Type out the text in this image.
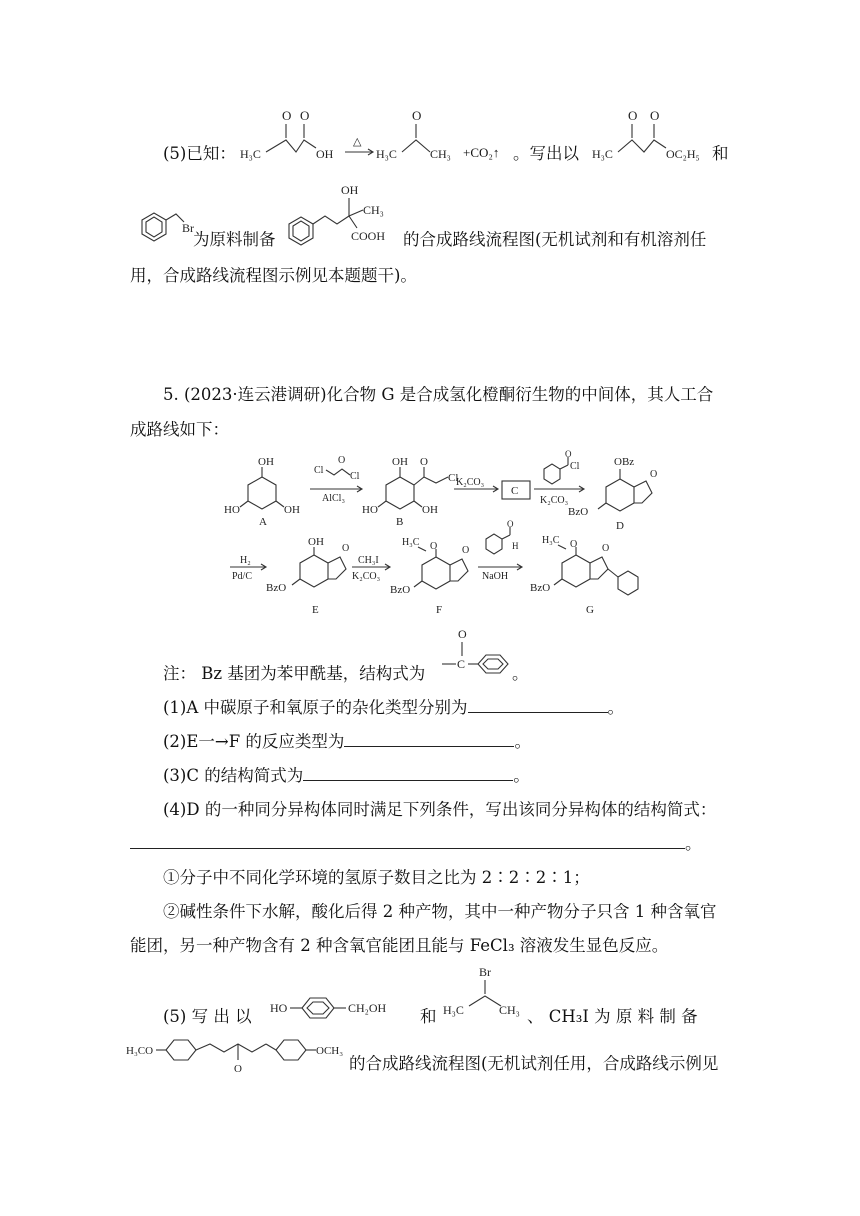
(5)已知：
O O
H₃C	OH
△
O
H₃C	CH₃ +CO₂↑ 。写出以
O O
H₃C	OC₂H₅ 和
Br
为原料制备
OH
CH₃
COOH 的合成路线流程图(无机试剂和有机溶剂任
用，合成路线流程图示例见本题题干)。
5. (2023·连云港调研)化合物 G 是合成氢化橙酮衍生物的中间体，其人工合
成路线如下：
OH
HO	OH
A
Cl
O
Cl
AlCl₃
OH O
Cl
HO	OH
B
K₂CO₃
C
O
Cl
K₂CO₃
OBz
O
BzO
D
H₂
Pd/C
OH
O
BzO
E
CH₃I
K₂CO₃
H₃C O O
BzO
F
O
H
NaOH
H₃C O O
BzO
G
注： Bz 基团为苯甲酰基，结构式为
O
C	。
(1)A 中碳原子和氧原子的杂化类型分别为	。
(2)E一→F 的反应类型为	。
(3)C 的结构简式为	。
(4)D 的一种同分异构体同时满足下列条件，写出该同分异构体的结构简式：
。
①分子中不同化学环境的氢原子数目之比为 2∶2∶2∶1；
②碱性条件下水解，酸化后得 2 种产物，其中一种产物分子只含 1 种含氧官
能团，另一种产物含有 2 种含氧官能团且能与 FeCl₃ 溶液发生显色反应。
(5) 写 出 以 HO	CH₂OH 和
Br
H₃C	CH₃ 、 CH₃I 为 原 料 制 备
H₃CO
O
OCH₃
的合成路线流程图(无机试剂任用，合成路线示例见
